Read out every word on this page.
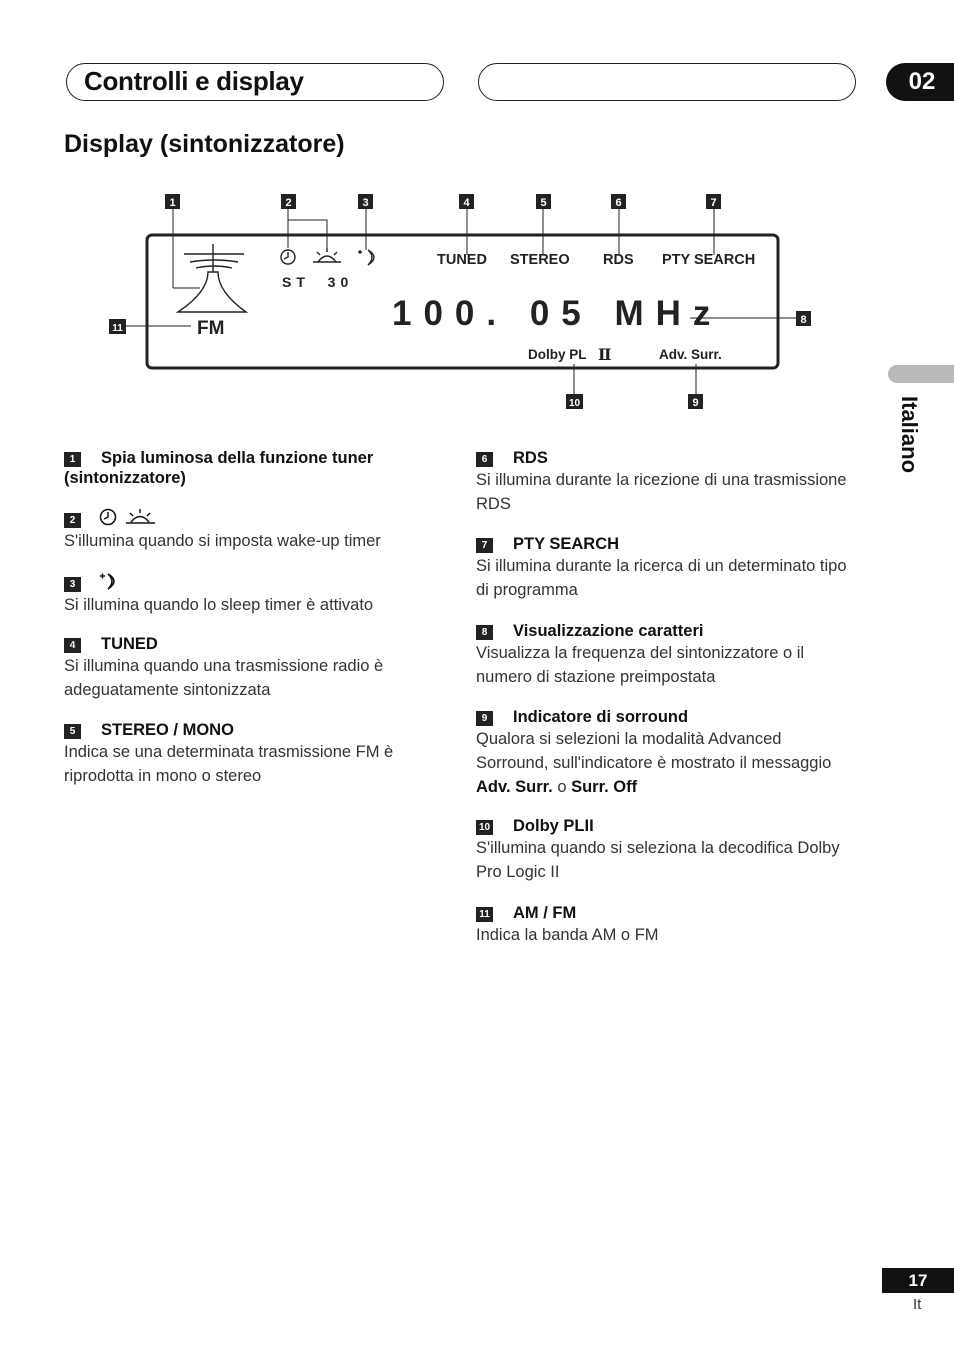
Controlli e display	02
Display (sintonizzatore)
Italiano
1	2	3	4	5	6	7
8
9
10
11
ST  30
TUNED STEREO RDS PTY SEARCH
FM	100. 05 MHz
Dolby PL Ⅱ	Adv. Surr.
1 Spia luminosa della funzione tuner (sintonizzatore)
2
S'illumina quando si imposta wake-up timer
3
Si illumina quando lo sleep timer è attivato
4 TUNED
Si illumina quando una trasmissione radio è adeguatamente sintonizzata
5 STEREO / MONO
Indica se una determinata trasmissione FM è riprodotta in mono o stereo
6 RDS
Si illumina durante la ricezione di una trasmissione RDS
7 PTY SEARCH
Si illumina durante la ricerca di un determinato tipo di programma
8 Visualizzazione caratteri
Visualizza la frequenza del sintonizzatore o il numero di stazione preimpostata
9 Indicatore di sorround
Qualora si selezioni la modalità Advanced Sorround, sull'indicatore è mostrato il messaggio Adv. Surr. o Surr. Off
10 Dolby PLII
S'illumina quando si seleziona la decodifica Dolby Pro Logic II
11 AM / FM
Indica la banda AM o FM
17
It
